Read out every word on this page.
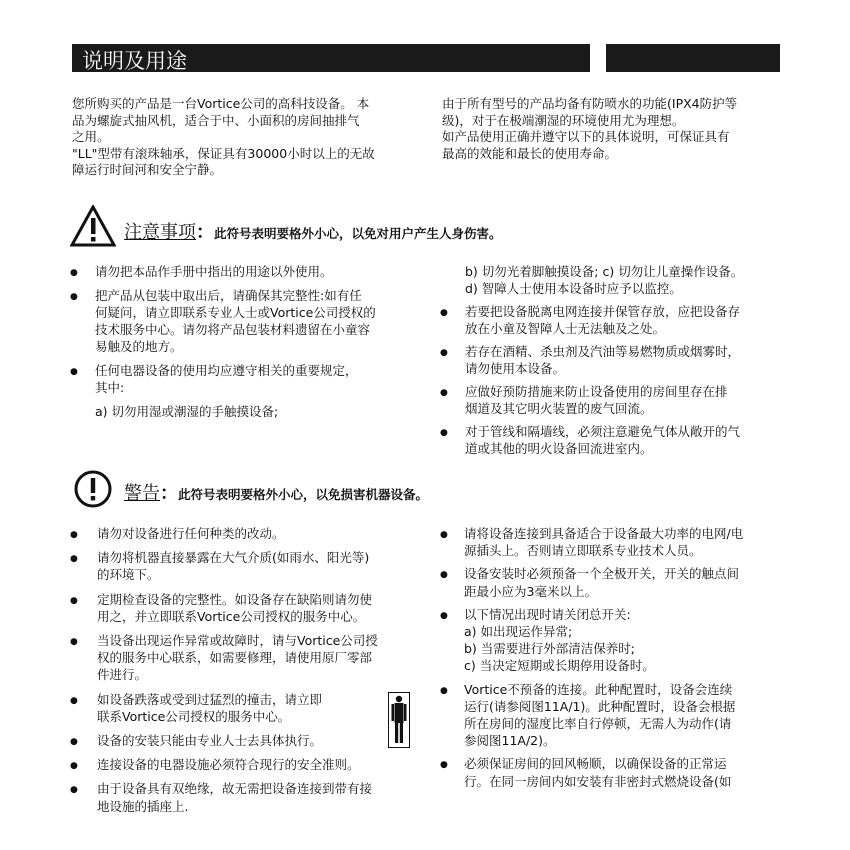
说明及用途
您所购买的产品是一台Vortice公司的高科技设备。 本
品为螺旋式抽风机，适合于中、小面积的房间抽排气
之用。
"LL"型带有滚珠轴承，保证具有30000小时以上的无故
障运行时间河和安全宁静。
由于所有型号的产品均备有防喷水的功能(IPX4防护等
级)，对于在极端潮湿的环境使用尤为理想。
如产品使用正确并遵守以下的具体说明，可保证具有
最高的效能和最长的使用寿命。
注意事项：此符号表明要格外小心，以免对用户产生人身伤害。
● 请勿把本品作手册中指出的用途以外使用。
● 把产品从包装中取出后，请确保其完整性:如有任
何疑问，请立即联系专业人士或Vortice公司授权的
技术服务中心。请勿将产品包装材料遗留在小童容
易触及的地方。
● 任何电器设备的使用均应遵守相关的重要规定，
其中:
a) 切勿用湿或潮湿的手触摸设备;
b) 切勿光着脚触摸设备; c) 切勿让儿童操作设备。
d) 智障人士使用本设备时应予以监控。
● 若要把设备脱离电网连接并保管存放，应把设备存
放在小童及智障人士无法触及之处。
● 若存在酒精、杀虫剂及汽油等易燃物质或烟雾时，
请勿使用本设备。
● 应做好预防措施来防止设备使用的房间里存在排
烟道及其它明火装置的废气回流。
● 对于管线和隔墙线，必须注意避免气体从敞开的气
道或其他的明火设备回流进室内。
警告：此符号表明要格外小心，以免损害机器设备。
● 请勿对设备进行任何种类的改动。
● 请勿将机器直接暴露在大气介质(如雨水、阳光等)
的环境下。
● 定期检查设备的完整性。如设备存在缺陷则请勿使
用之，并立即联系Vortice公司授权的服务中心。
● 当设备出现运作异常或故障时，请与Vortice公司授
权的服务中心联系，如需要修理，请使用原厂零部
件进行。
● 如设备跌落或受到过猛烈的撞击，请立即
联系Vortice公司授权的服务中心。
● 设备的安装只能由专业人士去具体执行。
● 连接设备的电器设施必须符合现行的安全准则。
● 由于设备具有双绝缘，故无需把设备连接到带有接
地设施的插座上.
● 请将设备连接到具备适合于设备最大功率的电网/电
源插头上。否则请立即联系专业技术人员。
● 设备安装时必须预备一个全极开关，开关的触点间
距最小应为3毫米以上。
● 以下情况出现时请关闭总开关:
a) 如出现运作异常;
b) 当需要进行外部清洁保养时;
c) 当决定短期或长期停用设备时。
● Vortice不预备的连接。此种配置时，设备会连续
运行(请参阅图11A/1)。此种配置时，设备会根据
所在房间的湿度比率自行停顿，无需人为动作(请
参阅图11A/2)。
● 必须保证房间的回风畅顺，以确保设备的正常运
行。在同一房间内如安装有非密封式燃烧设备(如
